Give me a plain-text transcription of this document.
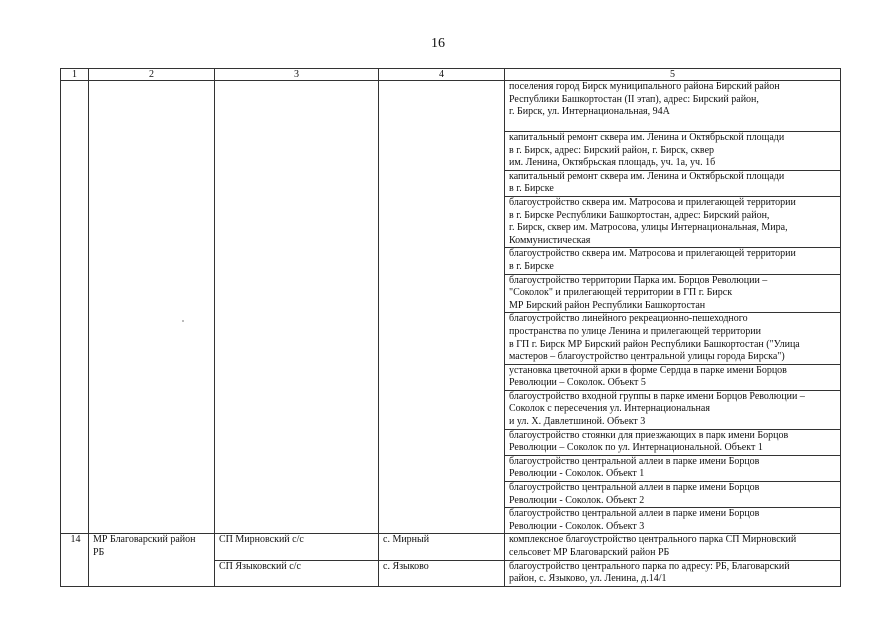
16
1	2	3	4	5

				поселения город Бирск муниципального района Бирский район
Республики Башкортостан (II этап), адрес: Бирский район,
г. Бирск, ул. Интернациональная, 94А

				капитальный ремонт сквера им. Ленина и Октябрьской площади
в г. Бирск, адрес: Бирский район, г. Бирск, сквер
им. Ленина, Октябрьская площадь, уч. 1а, уч. 1б

				капитальный ремонт сквера им. Ленина и Октябрьской площади
в г. Бирске

				благоустройство сквера им. Матросова и прилегающей территории
в г. Бирске Республики Башкортостан, адрес: Бирский район,
г. Бирск, сквер им. Матросова, улицы Интернациональная, Мира,
Коммунистическая

				благоустройство сквера им. Матросова и прилегающей территории
в г. Бирске

				благоустройство территории Парка им. Борцов Революции –
"Соколок" и прилегающей территории в ГП г. Бирск
МР Бирский район Республики Башкортостан

				благоустройство линейного рекреационно-пешеходного
пространства по улице Ленина и прилегающей территории
в ГП г. Бирск МР Бирский район Республики Башкортостан ("Улица
мастеров – благоустройство центральной улицы города Бирска")

				установка цветочной арки в форме Сердца в парке имени Борцов
Революции – Соколок. Объект 5

				благоустройство входной группы в парке имени Борцов Революции –
Соколок с пересечения ул. Интернациональная
и ул. Х. Давлетшиной. Объект 3

				благоустройство стоянки для приезжающих в парк имени Борцов
Революции – Соколок по ул. Интернациональной. Объект 1

				благоустройство центральной аллеи в парке имени Борцов
Революции - Соколок. Объект 1

				благоустройство центральной аллеи в парке имени Борцов
Революции - Соколок. Объект 2

				благоустройство центральной аллеи в парке имени Борцов
Революции - Соколок. Объект 3

14	МР Благоварский район
РБ	СП Мирновский с/с	с. Мирный	комплексное благоустройство центрального парка СП Мирновский
сельсовет МР Благоварский район РБ

		СП Языковский с/с	с. Языково	благоустройство центрального парка по адресу: РБ, Благоварский
район, с. Языково, ул. Ленина, д.14/1
